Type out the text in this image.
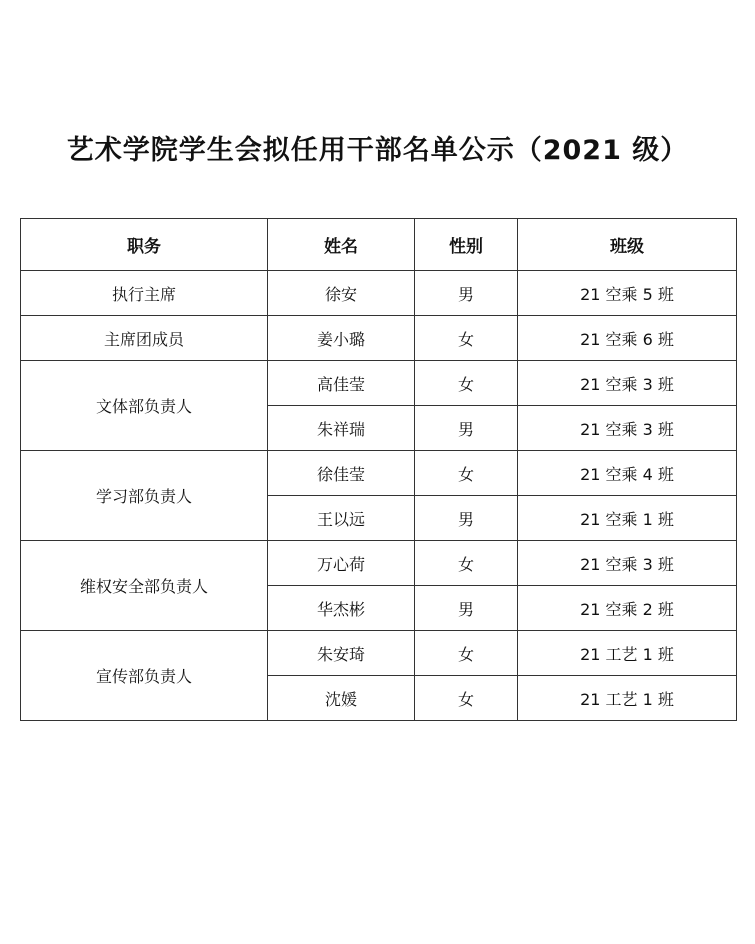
艺术学院学生会拟任用干部名单公示（2021 级）
职务	姓名	性别	班级
执行主席	徐安	男	21 空乘 5 班
主席团成员	姜小璐	女	21 空乘 6 班
文体部负责人	高佳莹	女	21 空乘 3 班
	朱祥瑞	男	21 空乘 3 班
学习部负责人	徐佳莹	女	21 空乘 4 班
	王以远	男	21 空乘 1 班
维权安全部负责人	万心荷	女	21 空乘 3 班
	华杰彬	男	21 空乘 2 班
宣传部负责人	朱安琦	女	21 工艺 1 班
	沈媛	女	21 工艺 1 班
